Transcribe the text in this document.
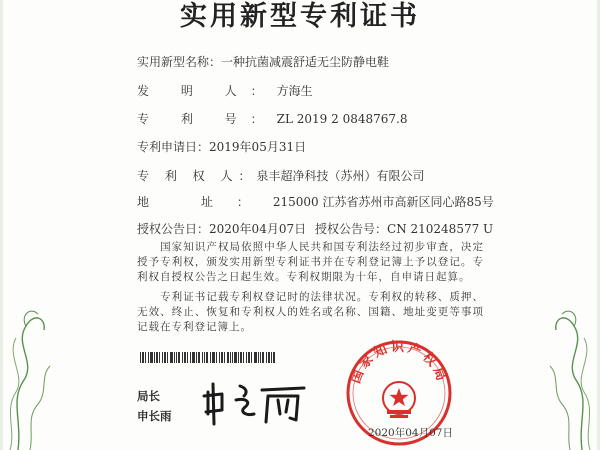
实用新型专利证书
实用新型名称：一种抗菌减震舒适无尘防静电鞋
发 明 人：方海生
专 利 号：ZL 2019 2 0848767.8
专利申请日：2019年05月31日
专 利 权 人：泉丰超净科技（苏州）有限公司
地 址：215000 江苏省苏州市高新区同心路85号
授权公告日：2020年04月07日 授权公告号：CN 210248577 U

国家知识产权局依照中华人民共和国专利法经过初步审查，决定授予专利权，颁发实用新型专利证书并在专利登记簿上予以登记。专利权自授权公告之日起生效。专利权期限为十年，自申请日起算。

专利证书记载专利权登记时的法律状况。专利权的转移、质押、无效、终止、恢复和专利权人的姓名或名称、国籍、地址变更等事项记载在专利登记簿上。

局长
申长雨
国家知识产权局
2020年04月07日
